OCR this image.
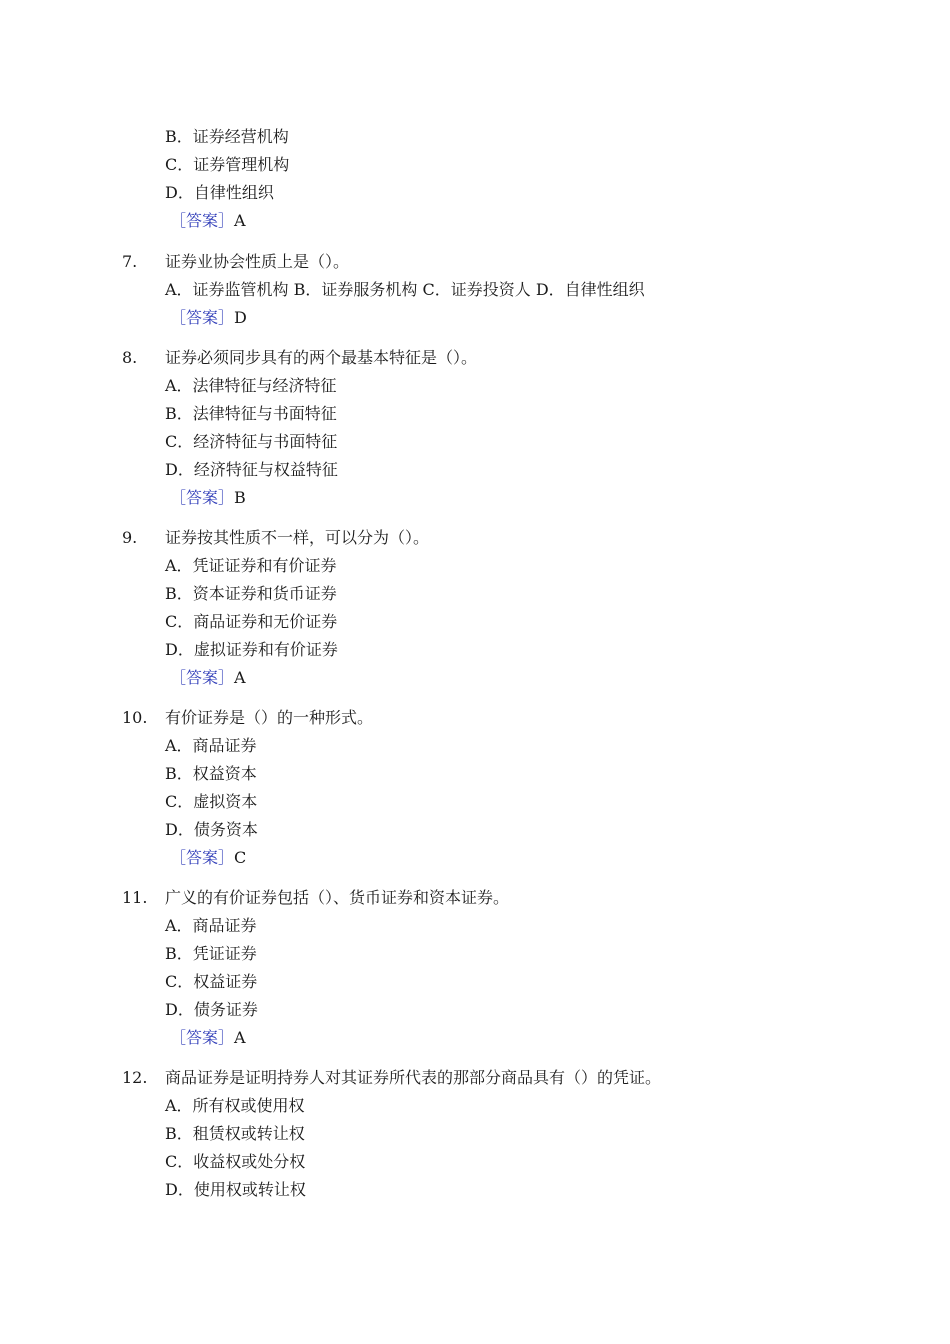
B．证券经营机构
C．证券管理机构
D．自律性组织
［答案］A
7. 证券业协会性质上是（）。
A．证券监管机构 B．证券服务机构 C．证券投资人 D．自律性组织
［答案］D
8. 证券必须同步具有的两个最基本特征是（）。
A．法律特征与经济特征
B．法律特征与书面特征
C．经济特征与书面特征
D．经济特征与权益特征
［答案］B
9. 证券按其性质不一样，可以分为（）。
A．凭证证券和有价证券
B．资本证券和货币证券
C．商品证券和无价证券
D．虚拟证券和有价证券
［答案］A
10. 有价证券是（）的一种形式。
A．商品证券
B．权益资本
C．虚拟资本
D．债务资本
［答案］C
11. 广义的有价证券包括（）、货币证券和资本证券。
A．商品证券
B．凭证证券
C．权益证券
D．债务证券
［答案］A
12. 商品证券是证明持券人对其证券所代表的那部分商品具有（）的凭证。
A．所有权或使用权
B．租赁权或转让权
C．收益权或处分权
D．使用权或转让权
